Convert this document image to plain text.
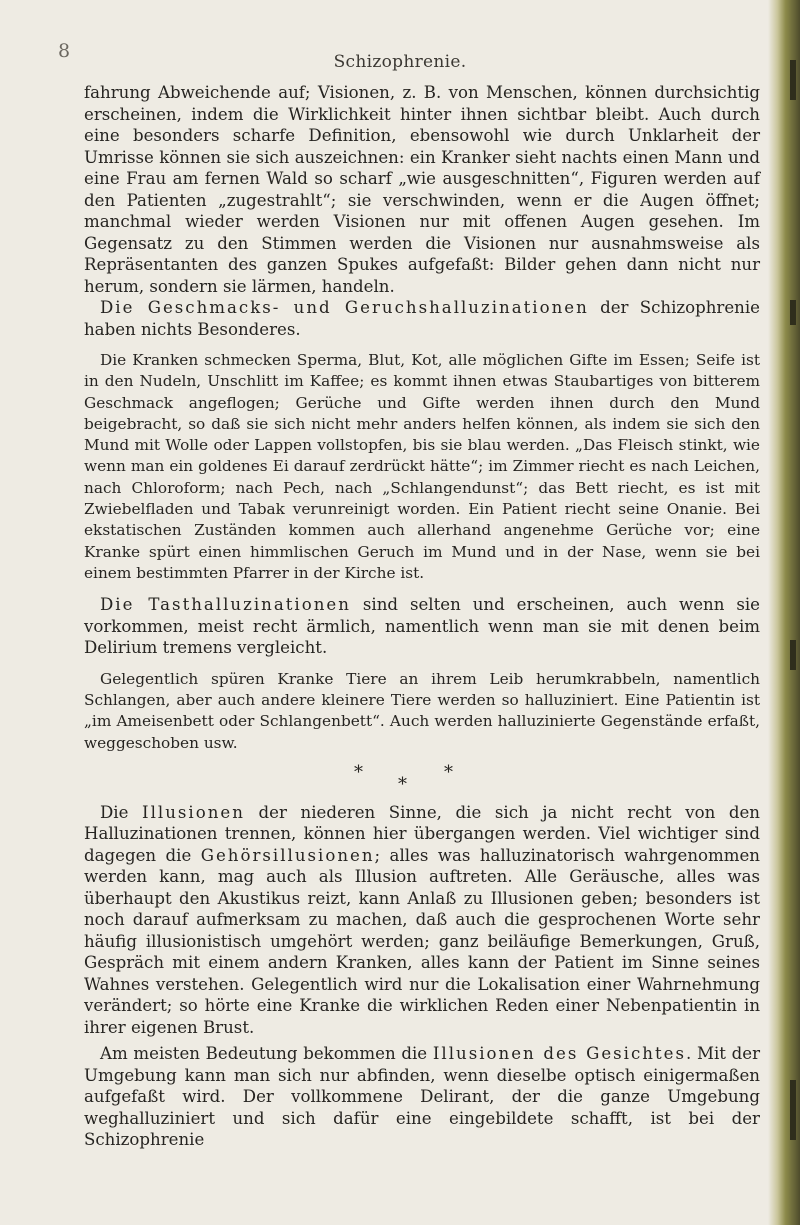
8	Schizophrenie.

fahrung Abweichende auf; Visionen, z. B. von Menschen, können durchsichtig erscheinen, indem die Wirklichkeit hinter ihnen sichtbar bleibt. Auch durch eine besonders scharfe Definition, ebensowohl wie durch Unklarheit der Umrisse können sie sich auszeichnen: ein Kranker sieht nachts einen Mann und eine Frau am fernen Wald so scharf „wie ausgeschnitten“, Figuren werden auf den Patienten „zugestrahlt“; sie verschwinden, wenn er die Augen öffnet; manchmal wieder werden Visionen nur mit offenen Augen gesehen. Im Gegensatz zu den Stimmen werden die Visionen nur ausnahmsweise als Repräsentanten des ganzen Spukes aufgefaßt: Bilder gehen dann nicht nur herum, sondern sie lärmen, handeln.

Die Geschmacks- und Geruchshalluzinationen der Schizophrenie haben nichts Besonderes.

Die Kranken schmecken Sperma, Blut, Kot, alle möglichen Gifte im Essen; Seife ist in den Nudeln, Unschlitt im Kaffee; es kommt ihnen etwas Staubartiges von bitterem Geschmack angeflogen; Gerüche und Gifte werden ihnen durch den Mund beigebracht, so daß sie sich nicht mehr anders helfen können, als indem sie sich den Mund mit Wolle oder Lappen vollstopfen, bis sie blau werden. „Das Fleisch stinkt, wie wenn man ein goldenes Ei darauf zerdrückt hätte“; im Zimmer riecht es nach Leichen, nach Chloroform; nach Pech, nach „Schlangendunst“; das Bett riecht, es ist mit Zwiebelfladen und Tabak verunreinigt worden. Ein Patient riecht seine Onanie. Bei ekstatischen Zuständen kommen auch allerhand angenehme Gerüche vor; eine Kranke spürt einen himmlischen Geruch im Mund und in der Nase, wenn sie bei einem bestimmten Pfarrer in der Kirche ist.

Die Tasthalluzinationen sind selten und erscheinen, auch wenn sie vorkommen, meist recht ärmlich, namentlich wenn man sie mit denen beim Delirium tremens vergleicht.

Gelegentlich spüren Kranke Tiere an ihrem Leib herumkrabbeln, namentlich Schlangen, aber auch andere kleinere Tiere werden so halluziniert. Eine Patientin ist „im Ameisenbett oder Schlangenbett“. Auch werden halluzinierte Gegenstände erfaßt, weggeschoben usw.

*
*
*

Die Illusionen der niederen Sinne, die sich ja nicht recht von den Halluzinationen trennen, können hier übergangen werden. Viel wichtiger sind dagegen die Gehörsillusionen; alles was halluzinatorisch wahrgenommen werden kann, mag auch als Illusion auftreten. Alle Geräusche, alles was überhaupt den Akustikus reizt, kann Anlaß zu Illusionen geben; besonders ist noch darauf aufmerksam zu machen, daß auch die gesprochenen Worte sehr häufig illusionistisch umgehört werden; ganz beiläufige Bemerkungen, Gruß, Gespräch mit einem andern Kranken, alles kann der Patient im Sinne seines Wahnes verstehen. Gelegentlich wird nur die Lokalisation einer Wahrnehmung verändert; so hörte eine Kranke die wirklichen Reden einer Nebenpatientin in ihrer eigenen Brust.

Am meisten Bedeutung bekommen die Illusionen des Gesichtes. Mit der Umgebung kann man sich nur abfinden, wenn dieselbe optisch einigermaßen aufgefaßt wird. Der vollkommene Delirant, der die ganze Umgebung weghalluziniert und sich dafür eine eingebildete schafft, ist bei der Schizophrenie
